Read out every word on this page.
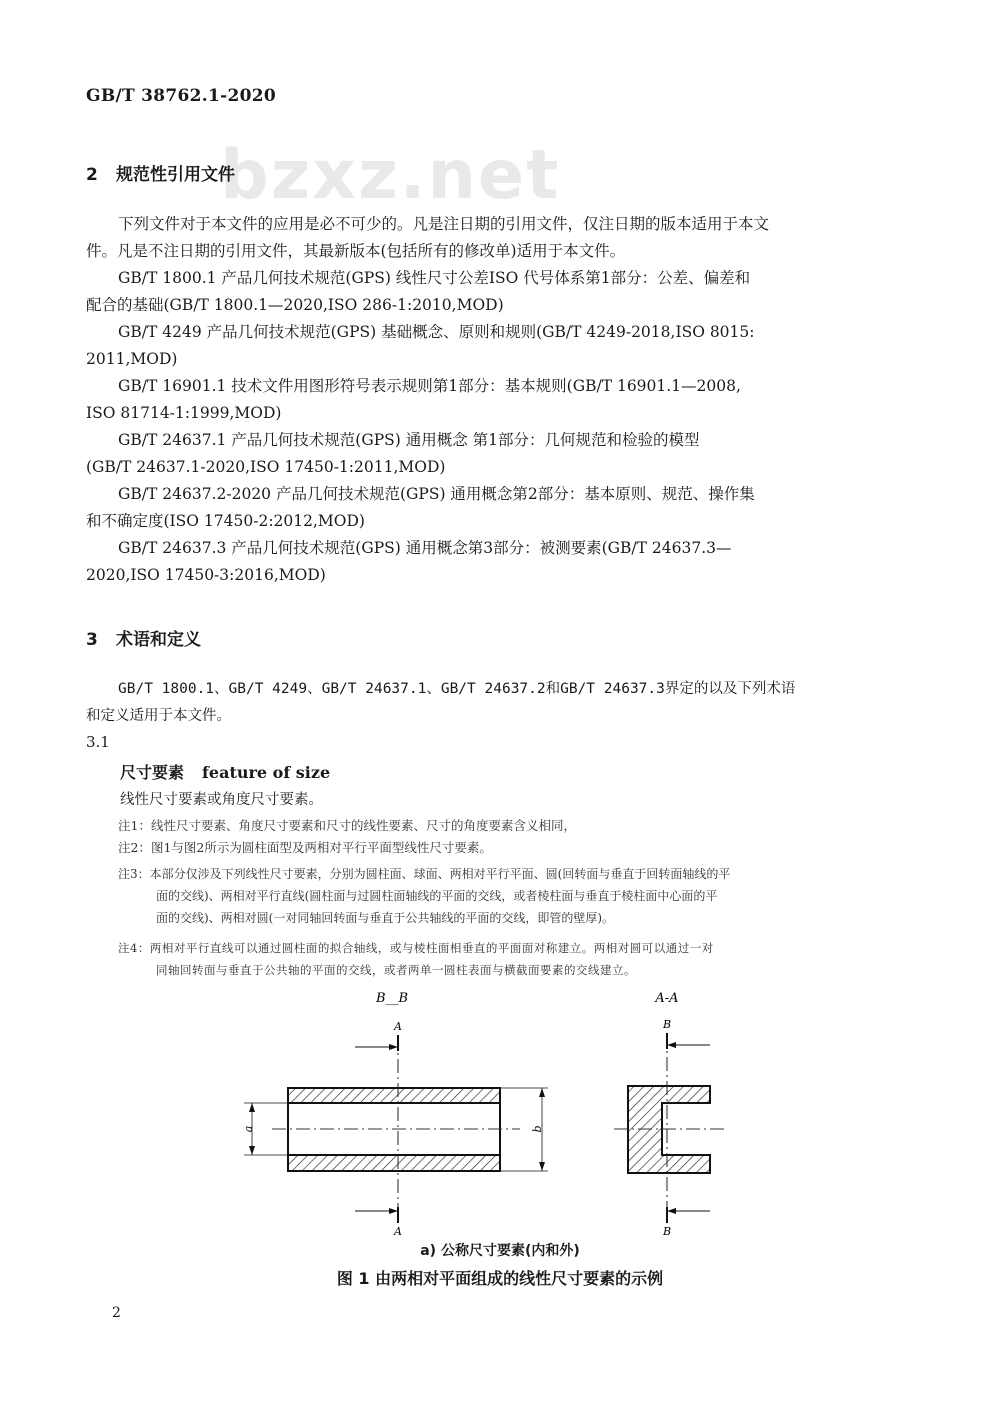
GB/T 38762.1-2020
bzxz.net
2 规范性引用文件
下列文件对于本文件的应用是必不可少的。凡是注日期的引用文件，仅注日期的版本适用于本文
件。凡是不注日期的引用文件，其最新版本(包括所有的修改单)适用于本文件。
GB/T 1800.1 产品几何技术规范(GPS) 线性尺寸公差ISO 代号体系第1部分：公差、偏差和
配合的基础(GB/T 1800.1—2020,ISO 286-1:2010,MOD)
GB/T 4249 产品几何技术规范(GPS) 基础概念、原则和规则(GB/T 4249-2018,ISO 8015:
2011,MOD)
GB/T 16901.1 技术文件用图形符号表示规则第1部分：基本规则(GB/T 16901.1—2008,
ISO 81714-1:1999,MOD)
GB/T 24637.1 产品几何技术规范(GPS) 通用概念 第1部分：几何规范和检验的模型
(GB/T 24637.1-2020,ISO 17450-1:2011,MOD)
GB/T 24637.2-2020 产品几何技术规范(GPS) 通用概念第2部分：基本原则、规范、操作集
和不确定度(ISO 17450-2:2012,MOD)
GB/T 24637.3 产品几何技术规范(GPS) 通用概念第3部分：被测要素(GB/T 24637.3—
2020,ISO 17450-3:2016,MOD)
3 术语和定义
GB/T 1800.1、GB/T 4249、GB/T 24637.1、GB/T 24637.2和GB/T 24637.3界定的以及下列术语
和定义适用于本文件。
3.1
尺寸要素 feature of size
线性尺寸要素或角度尺寸要素。
注1：线性尺寸要素、角度尺寸要素和尺寸的线性要素、尺寸的角度要素含义相同，
注2：图1与图2所示为圆柱面型及两相对平行平面型线性尺寸要素。
注3：本部分仅涉及下列线性尺寸要素，分别为圆柱面、球面、两相对平行平面、圆(回转面与垂直于回转面轴线的平
面的交线)、两相对平行直线(圆柱面与过圆柱面轴线的平面的交线，或者棱柱面与垂直于棱柱面中心面的平
面的交线)、两相对圆(一对同轴回转面与垂直于公共轴线的平面的交线，即管的壁厚)。
注4：两相对平行直线可以通过圆柱面的拟合轴线，或与棱柱面相垂直的平面面对称建立。两相对圆可以通过一对
同轴回转面与垂直于公共轴的平面的交线，或者两单一圆柱表面与横截面要素的交线建立。
B__B	A-A
A
A
a	b
B
B
a) 公称尺寸要素(内和外)
图 1 由两相对平面组成的线性尺寸要素的示例
2
